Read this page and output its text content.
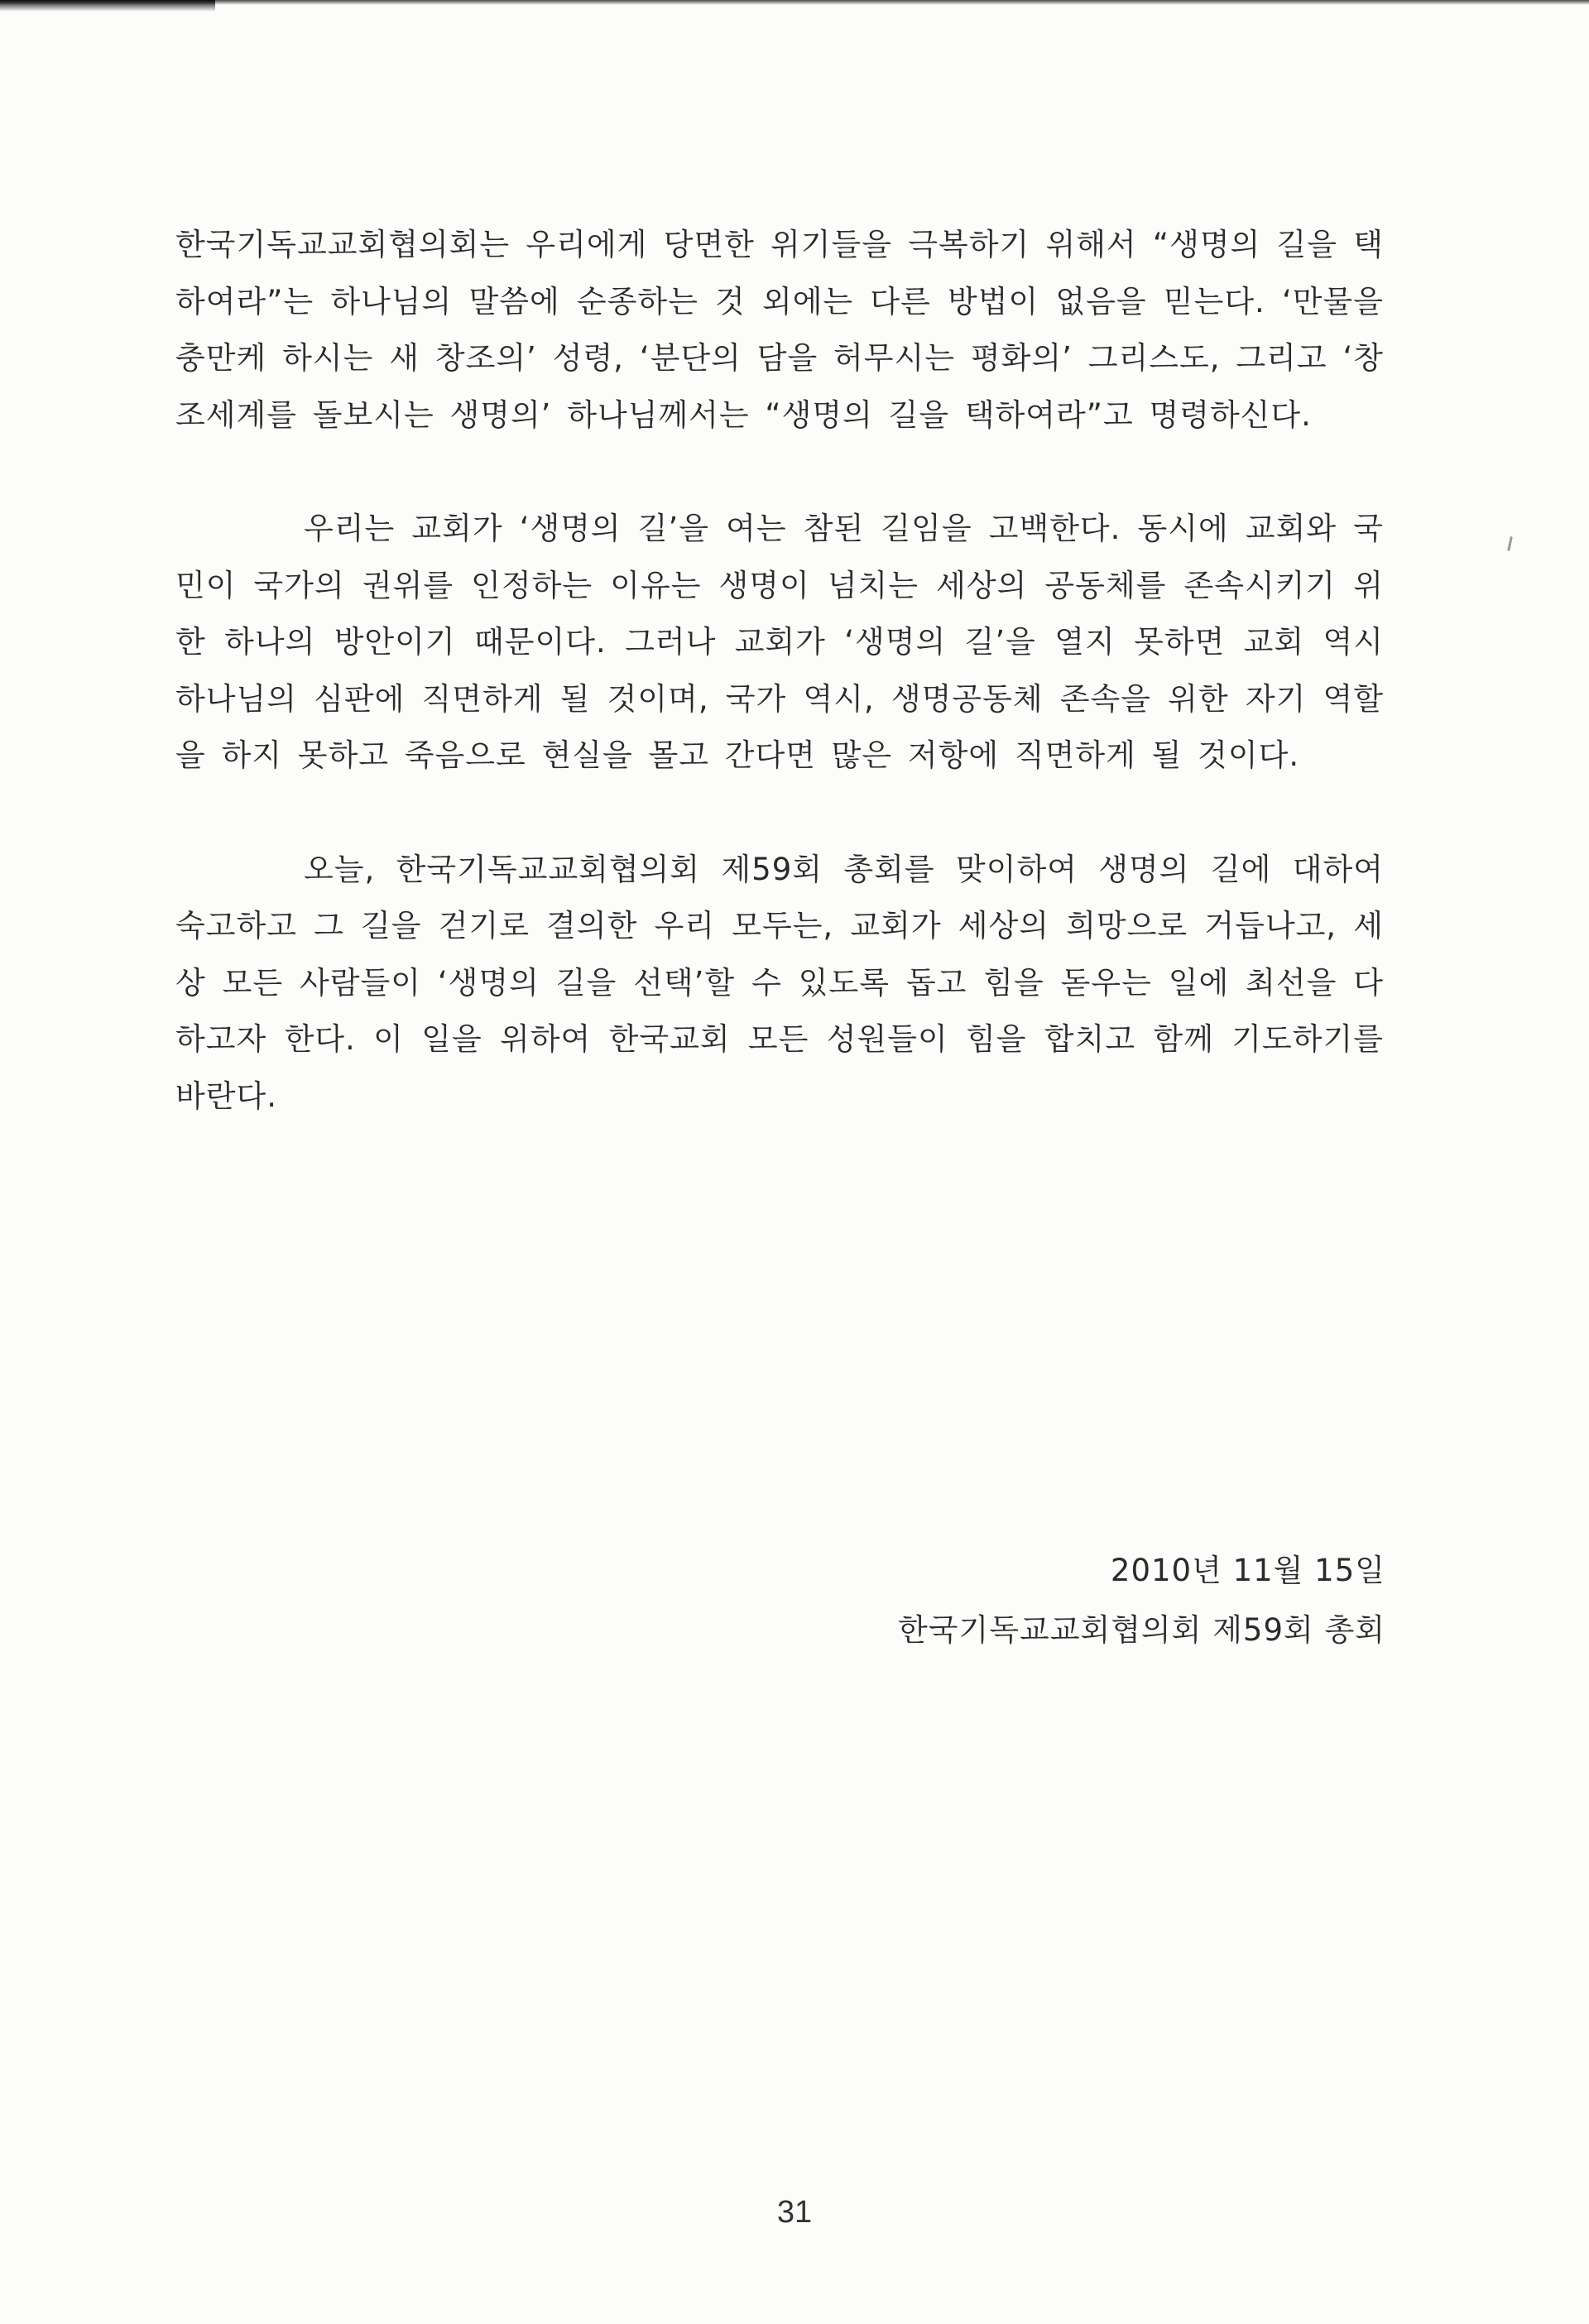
한국기독교교회협의회는 우리에게 당면한 위기들을 극복하기 위해서 “생명의 길을 택하여라”는 하나님의 말씀에 순종하는 것 외에는 다른 방법이 없음을 믿는다. ‘만물을 충만케 하시는 새 창조의’ 성령, ‘분단의 담을 허무시는 평화의’ 그리스도, 그리고 ‘창조세계를 돌보시는 생명의’ 하나님께서는 “생명의 길을 택하여라”고 명령하신다.

우리는 교회가 ‘생명의 길’을 여는 참된 길임을 고백한다. 동시에 교회와 국민이 국가의 권위를 인정하는 이유는 생명이 넘치는 세상의 공동체를 존속시키기 위한 하나의 방안이기 때문이다. 그러나 교회가 ‘생명의 길’을 열지 못하면 교회 역시 하나님의 심판에 직면하게 될 것이며, 국가 역시, 생명공동체 존속을 위한 자기 역할을 하지 못하고 죽음으로 현실을 몰고 간다면 많은 저항에 직면하게 될 것이다.

오늘, 한국기독교교회협의회 제59회 총회를 맞이하여 생명의 길에 대하여 숙고하고 그 길을 걷기로 결의한 우리 모두는, 교회가 세상의 희망으로 거듭나고, 세상 모든 사람들이 ‘생명의 길을 선택’할 수 있도록 돕고 힘을 돋우는 일에 최선을 다하고자 한다. 이 일을 위하여 한국교회 모든 성원들이 힘을 합치고 함께 기도하기를 바란다.

2010년 11월 15일
한국기독교교회협의회 제59회 총회
31
